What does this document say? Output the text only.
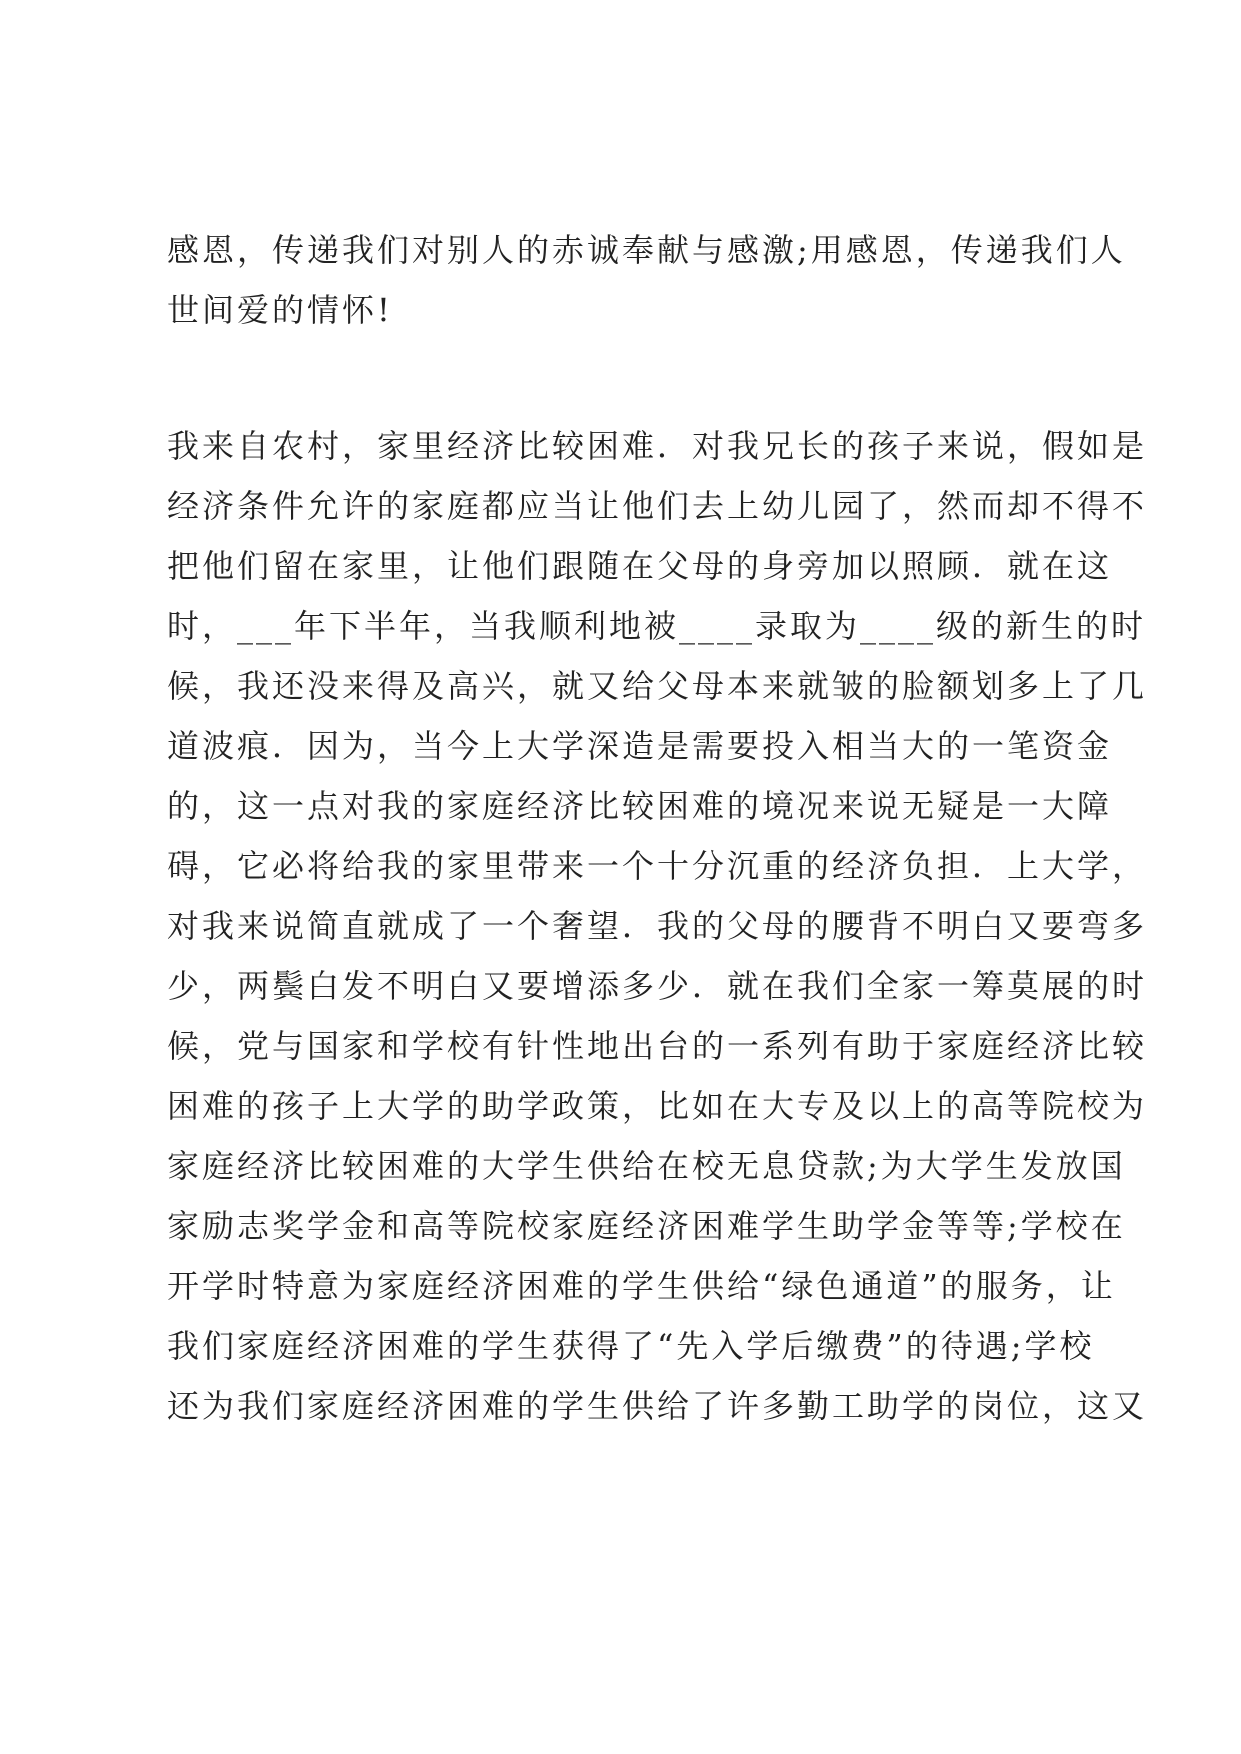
感恩，传递我们对别人的赤诚奉献与感激;用感恩，传递我们人
世间爱的情怀!
我来自农村，家里经济比较困难．对我兄长的孩子来说，假如是
经济条件允许的家庭都应当让他们去上幼儿园了，然而却不得不
把他们留在家里，让他们跟随在父母的身旁加以照顾．就在这
时，___年下半年，当我顺利地被____录取为____级的新生的时
候，我还没来得及高兴，就又给父母本来就皱的脸额划多上了几
道波痕．因为，当今上大学深造是需要投入相当大的一笔资金
的，这一点对我的家庭经济比较困难的境况来说无疑是一大障
碍，它必将给我的家里带来一个十分沉重的经济负担．上大学，
对我来说简直就成了一个奢望．我的父母的腰背不明白又要弯多
少，两鬓白发不明白又要增添多少．就在我们全家一筹莫展的时
候，党与国家和学校有针性地出台的一系列有助于家庭经济比较
困难的孩子上大学的助学政策，比如在大专及以上的高等院校为
家庭经济比较困难的大学生供给在校无息贷款;为大学生发放国
家励志奖学金和高等院校家庭经济困难学生助学金等等;学校在
开学时特意为家庭经济困难的学生供给“绿色通道”的服务，让
我们家庭经济困难的学生获得了“先入学后缴费”的待遇;学校
还为我们家庭经济困难的学生供给了许多勤工助学的岗位，这又
